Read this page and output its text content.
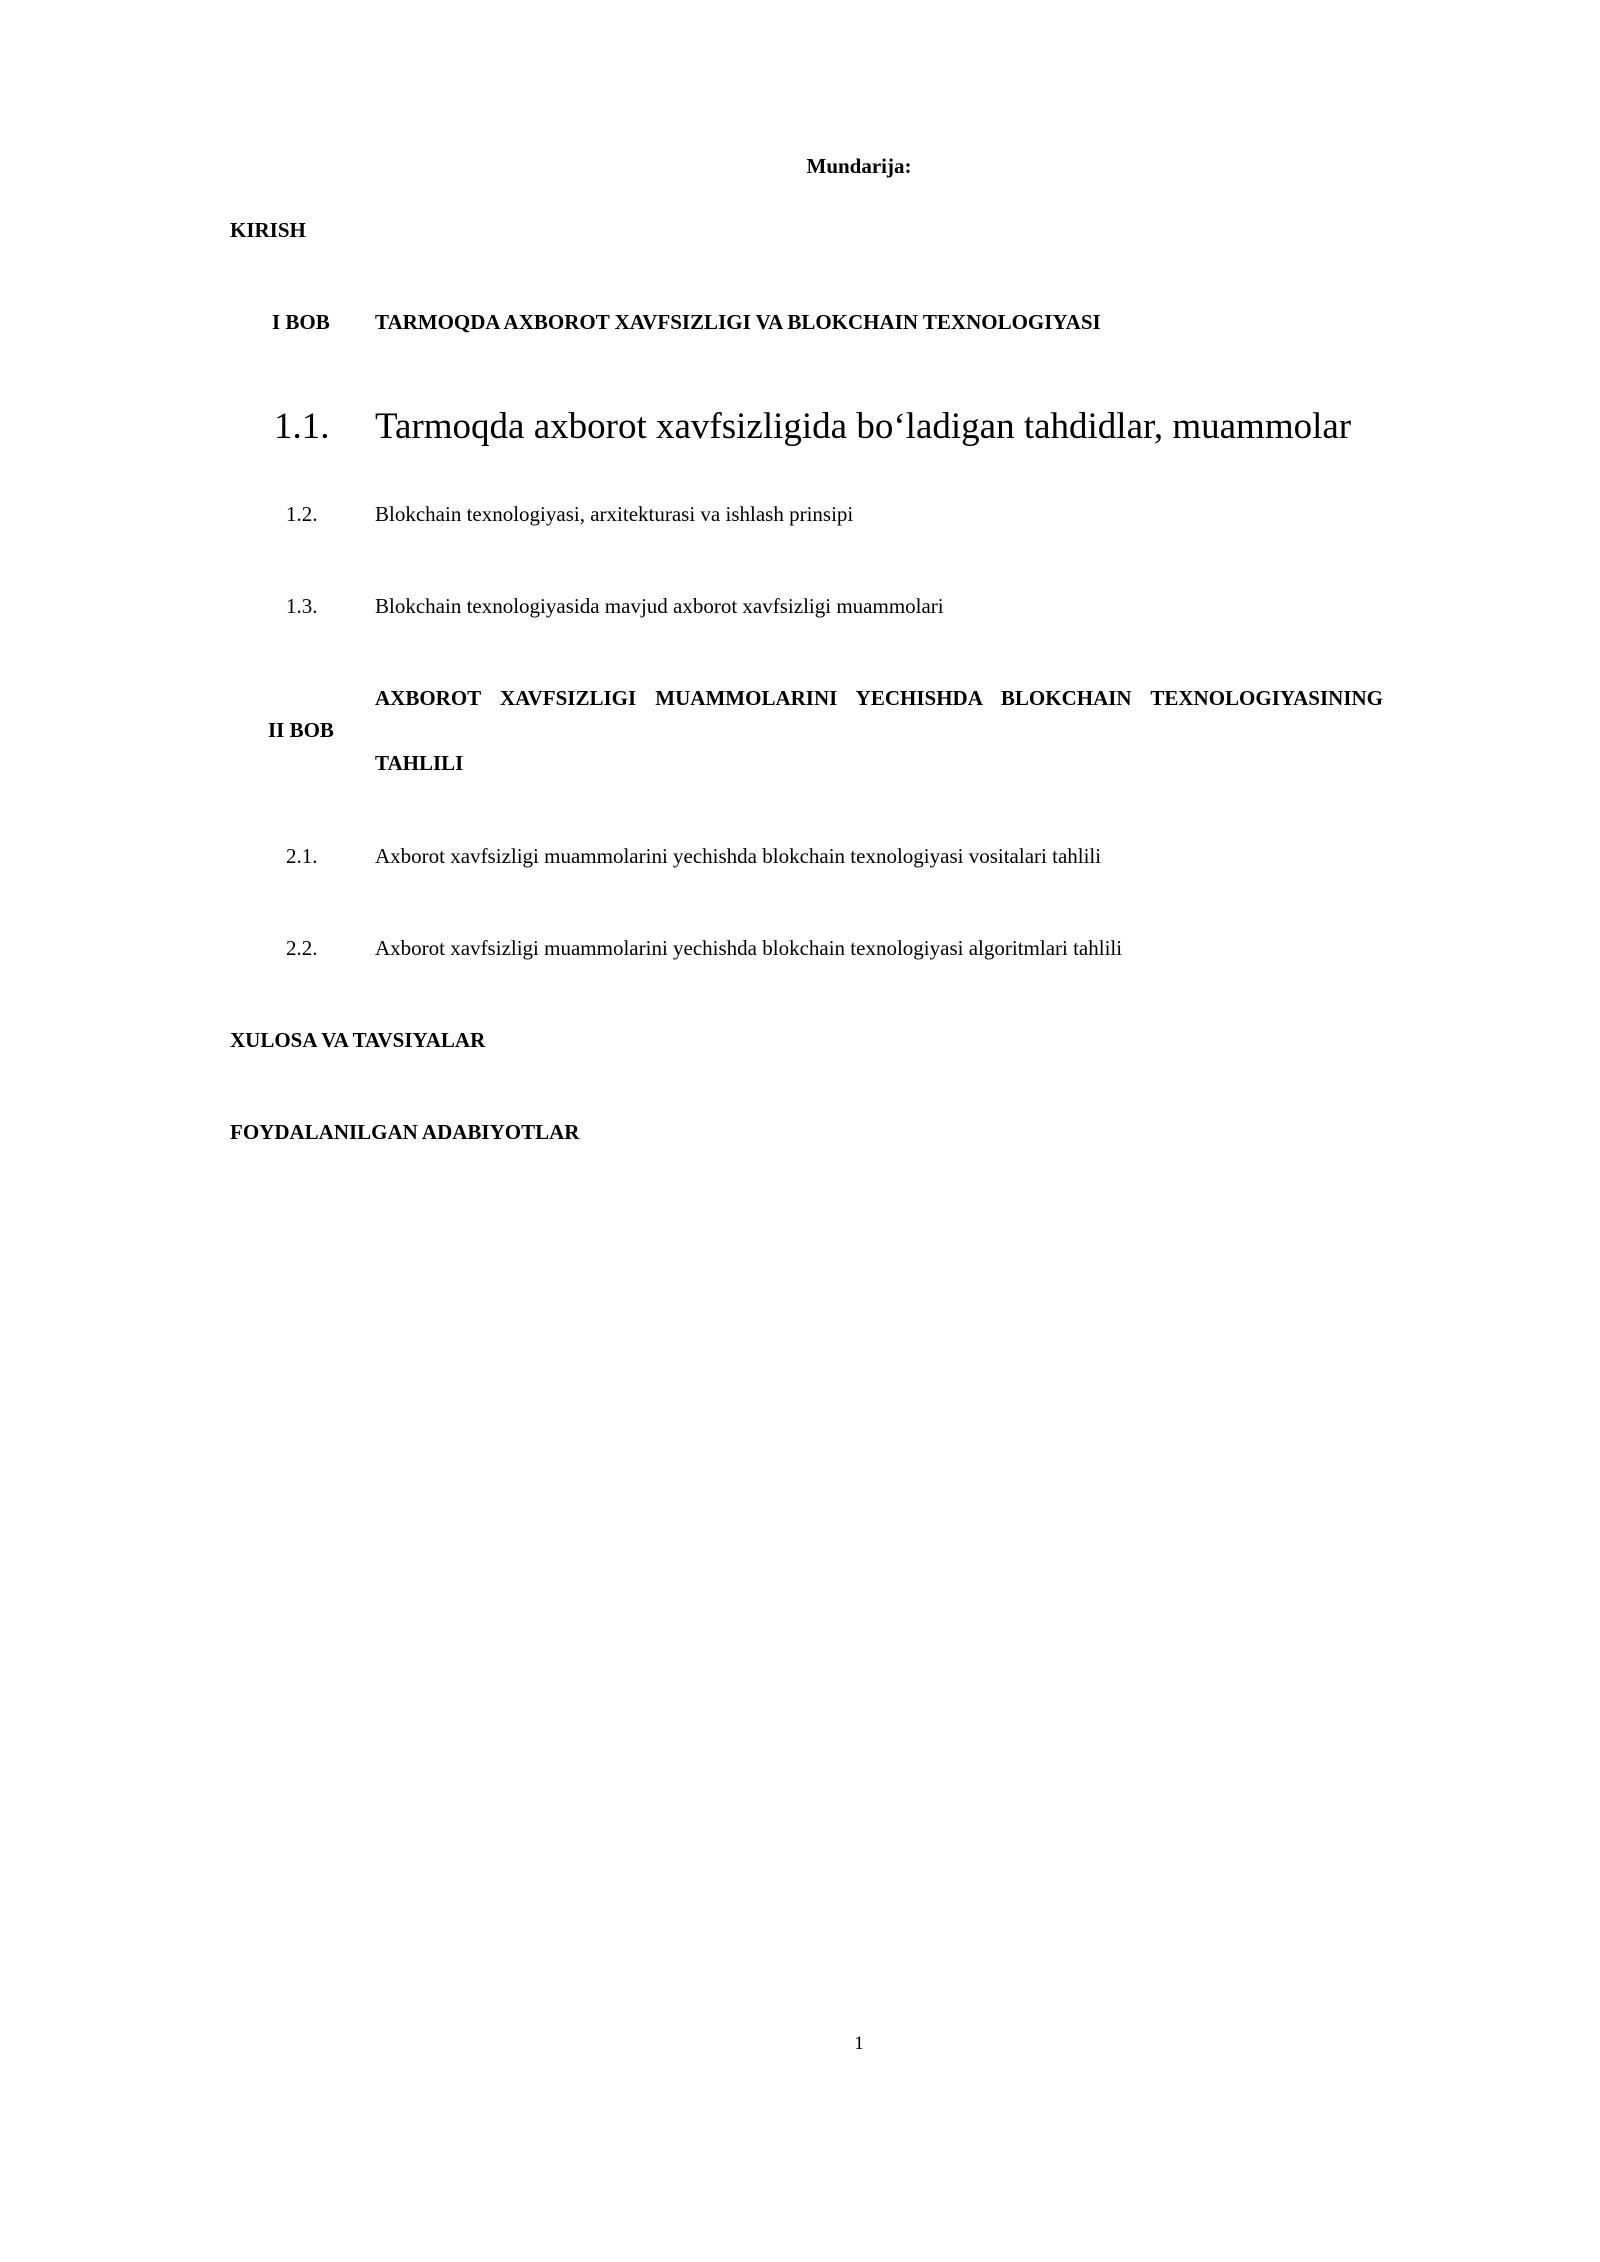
Mundarija:
KIRISH
I BOB TARMOQDA AXBOROT XAVFSIZLIGI VA BLOKCHAIN TEXNOLOGIYASI
1.1. Tarmoqda axborot xavfsizligida bo‘ladigan tahdidlar, muammolar
1.2.	Blokchain texnologiyasi, arxitekturasi va ishlash prinsipi
1.3.	Blokchain texnologiyasida mavjud axborot xavfsizligi muammolari
II BOB
AXBOROT XAVFSIZLIGI MUAMMOLARINI YECHISHDA BLOKCHAIN TEXNOLOGIYASINING
TAHLILI
2.1.	Axborot xavfsizligi muammolarini yechishda blokchain texnologiyasi vositalari tahlili
2.2.	Axborot xavfsizligi muammolarini yechishda blokchain texnologiyasi algoritmlari tahlili
XULOSA VA TAVSIYALAR
FOYDALANILGAN ADABIYOTLAR
1
